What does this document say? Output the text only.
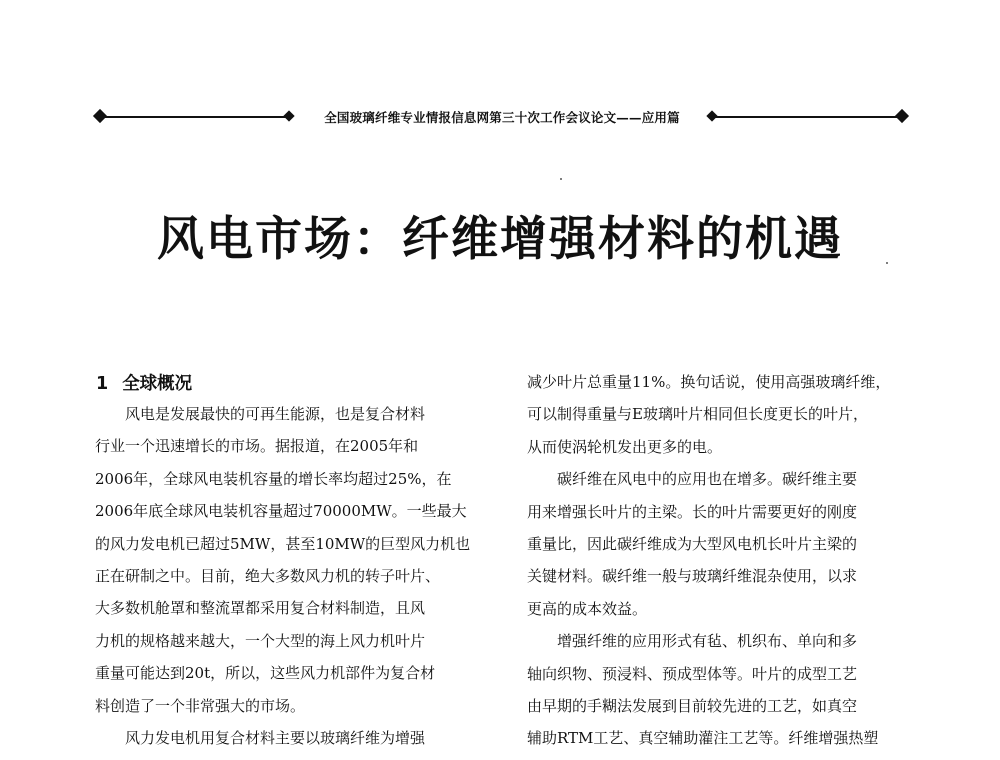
全国玻璃纤维专业情报信息网第三十次工作会议论文——应用篇
风电市场：纤维增强材料的机遇
1 全球概况
风电是发展最快的可再生能源，也是复合材料
行业一个迅速增长的市场。据报道，在2005年和
2006年，全球风电装机容量的增长率均超过25%，在
2006年底全球风电装机容量超过70000MW。一些最大
的风力发电机已超过5MW，甚至10MW的巨型风力机也
正在研制之中。目前，绝大多数风力机的转子叶片、
大多数机舱罩和整流罩都采用复合材料制造，且风
力机的规格越来越大，一个大型的海上风力机叶片
重量可能达到20t，所以，这些风力机部件为复合材
料创造了一个非常强大的市场。
风力发电机用复合材料主要以玻璃纤维为增强
减少叶片总重量11%。换句话说，使用高强玻璃纤维，
可以制得重量与E玻璃叶片相同但长度更长的叶片，
从而使涡轮机发出更多的电。
碳纤维在风电中的应用也在增多。碳纤维主要
用来增强长叶片的主梁。长的叶片需要更好的刚度
重量比，因此碳纤维成为大型风电机长叶片主梁的
关键材料。碳纤维一般与玻璃纤维混杂使用，以求
更高的成本效益。
增强纤维的应用形式有毡、机织布、单向和多
轴向织物、预浸料、预成型体等。叶片的成型工艺
由早期的手糊法发展到目前较先进的工艺，如真空
辅助RTM工艺、真空辅助灌注工艺等。纤维增强热塑
